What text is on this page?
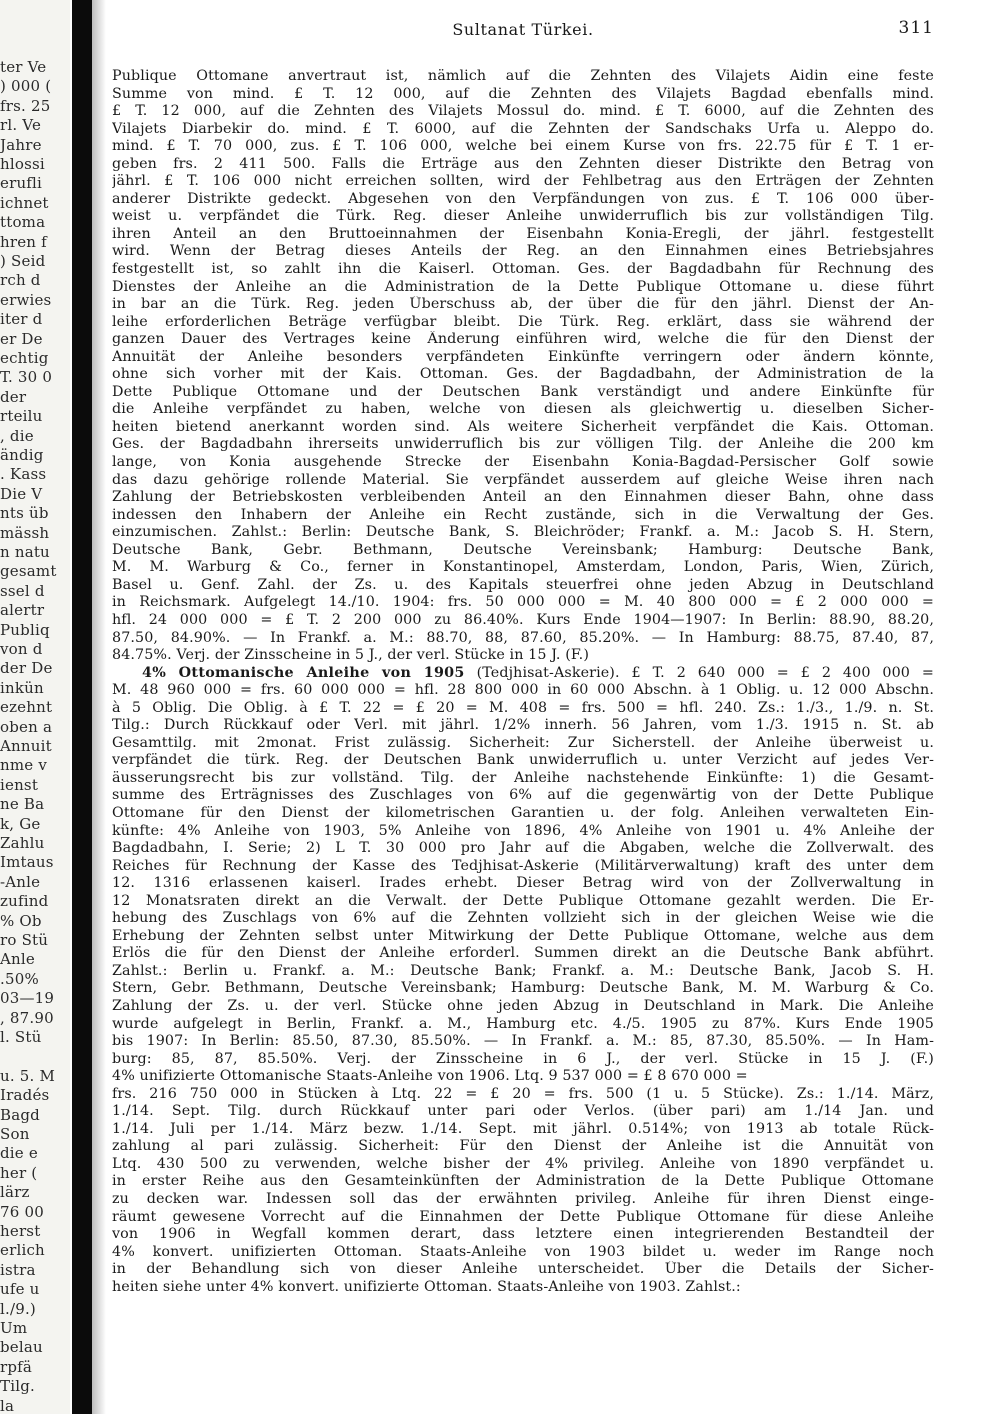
ter Ve
) 000 (
frs. 25
rl. Ve
Jahre
hlossi
erufli
ichnet
ttoma
hren f
) Seid
rch d
erwies
iter d
er De
echtig
T. 30 0
der
rteilu
, die
ändig
. Kass
Die V
nts üb
mässh
n natu
gesamt
ssel d
alertr
Publiq
von d
der De
inkün
ezehnt
oben a
Annuit
nme v
ienst
ne Ba
k, Ge
Zahlu
Imtaus
-Anle
zufind
% Ob
ro Stü
Anle
.50%
03—19
, 87.90
l. Stü
u. 5. M
Iradés
Bagd
Son
die e
her (
lärz
76 00
herst
erlich
istra
ufe u
l./9.)
Um
belau
rpfä
Tilg.
la
Sultanat Türkei.	311
Publique Ottomane anvertraut ist, nämlich auf die Zehnten des Vilajets Aidin eine feste
Summe von mind. £ T. 12 000, auf die Zehnten des Vilajets Bagdad ebenfalls mind.
£ T. 12 000, auf die Zehnten des Vilajets Mossul do. mind. £ T. 6000, auf die Zehnten des
Vilajets Diarbekir do. mind. £ T. 6000, auf die Zehnten der Sandschaks Urfa u. Aleppo do.
mind. £ T. 70 000, zus. £ T. 106 000, welche bei einem Kurse von frs. 22.75 für £ T. 1 er-
geben frs. 2 411 500. Falls die Erträge aus den Zehnten dieser Distrikte den Betrag von
jährl. £ T. 106 000 nicht erreichen sollten, wird der Fehlbetrag aus den Erträgen der Zehnten
anderer Distrikte gedeckt. Abgesehen von den Verpfändungen von zus. £ T. 106 000 über-
weist u. verpfändet die Türk. Reg. dieser Anleihe unwiderruflich bis zur vollständigen Tilg.
ihren Anteil an den Bruttoeinnahmen der Eisenbahn Konia-Eregli, der jährl. festgestellt
wird. Wenn der Betrag dieses Anteils der Reg. an den Einnahmen eines Betriebsjahres
festgestellt ist, so zahlt ihn die Kaiserl. Ottoman. Ges. der Bagdadbahn für Rechnung des
Dienstes der Anleihe an die Administration de la Dette Publique Ottomane u. diese führt
in bar an die Türk. Reg. jeden Überschuss ab, der über die für den jährl. Dienst der An-
leihe erforderlichen Beträge verfügbar bleibt. Die Türk. Reg. erklärt, dass sie während der
ganzen Dauer des Vertrages keine Änderung einführen wird, welche die für den Dienst der
Annuität der Anleihe besonders verpfändeten Einkünfte verringern oder ändern könnte,
ohne sich vorher mit der Kais. Ottoman. Ges. der Bagdadbahn, der Administration de la
Dette Publique Ottomane und der Deutschen Bank verständigt und andere Einkünfte für
die Anleihe verpfändet zu haben, welche von diesen als gleichwertig u. dieselben Sicher-
heiten bietend anerkannt worden sind. Als weitere Sicherheit verpfändet die Kais. Ottoman.
Ges. der Bagdadbahn ihrerseits unwiderruflich bis zur völligen Tilg. der Anleihe die 200 km
lange, von Konia ausgehende Strecke der Eisenbahn Konia-Bagdad-Persischer Golf sowie
das dazu gehörige rollende Material. Sie verpfändet ausserdem auf gleiche Weise ihren nach
Zahlung der Betriebskosten verbleibenden Anteil an den Einnahmen dieser Bahn, ohne dass
indessen den Inhabern der Anleihe ein Recht zustände, sich in die Verwaltung der Ges.
einzumischen. Zahlst.: Berlin: Deutsche Bank, S. Bleichröder; Frankf. a. M.: Jacob S. H. Stern,
Deutsche Bank, Gebr. Bethmann, Deutsche Vereinsbank; Hamburg: Deutsche Bank,
M. M. Warburg & Co., ferner in Konstantinopel, Amsterdam, London, Paris, Wien, Zürich,
Basel u. Genf. Zahl. der Zs. u. des Kapitals steuerfrei ohne jeden Abzug in Deutschland
in Reichsmark. Aufgelegt 14./10. 1904: frs. 50 000 000 = M. 40 800 000 = £ 2 000 000 =
hfl. 24 000 000 = £ T. 2 200 000 zu 86.40%. Kurs Ende 1904—1907: In Berlin: 88.90, 88.20,
87.50, 84.90%. — In Frankf. a. M.: 88.70, 88, 87.60, 85.20%. — In Hamburg: 88.75, 87.40, 87,
84.75%. Verj. der Zinsscheine in 5 J., der verl. Stücke in 15 J. (F.)
4% Ottomanische Anleihe von 1905 (Tedjhisat-Askerie). £ T. 2 640 000 = £ 2 400 000 =
M. 48 960 000 = frs. 60 000 000 = hfl. 28 800 000 in 60 000 Abschn. à 1 Oblig. u. 12 000 Abschn.
à 5 Oblig. Die Oblig. à £ T. 22 = £ 20 = M. 408 = frs. 500 = hfl. 240. Zs.: 1./3., 1./9. n. St.
Tilg.: Durch Rückkauf oder Verl. mit jährl. 1/2% innerh. 56 Jahren, vom 1./3. 1915 n. St. ab
Gesamttilg. mit 2monat. Frist zulässig. Sicherheit: Zur Sicherstell. der Anleihe überweist u.
verpfändet die türk. Reg. der Deutschen Bank unwiderruflich u. unter Verzicht auf jedes Ver-
äusserungsrecht bis zur vollständ. Tilg. der Anleihe nachstehende Einkünfte: 1) die Gesamt-
summe des Erträgnisses des Zuschlages von 6% auf die gegenwärtig von der Dette Publique
Ottomane für den Dienst der kilometrischen Garantien u. der folg. Anleihen verwalteten Ein-
künfte: 4% Anleihe von 1903, 5% Anleihe von 1896, 4% Anleihe von 1901 u. 4% Anleihe der
Bagdadbahn, I. Serie; 2) L T. 30 000 pro Jahr auf die Abgaben, welche die Zollverwalt. des
Reiches für Rechnung der Kasse des Tedjhisat-Askerie (Militärverwaltung) kraft des unter dem
12. 1316 erlassenen kaiserl. Irades erhebt. Dieser Betrag wird von der Zollverwaltung in
12 Monatsraten direkt an die Verwalt. der Dette Publique Ottomane gezahlt werden. Die Er-
hebung des Zuschlags von 6% auf die Zehnten vollzieht sich in der gleichen Weise wie die
Erhebung der Zehnten selbst unter Mitwirkung der Dette Publique Ottomane, welche aus dem
Erlös die für den Dienst der Anleihe erforderl. Summen direkt an die Deutsche Bank abführt.
Zahlst.: Berlin u. Frankf. a. M.: Deutsche Bank; Frankf. a. M.: Deutsche Bank, Jacob S. H.
Stern, Gebr. Bethmann, Deutsche Vereinsbank; Hamburg: Deutsche Bank, M. M. Warburg & Co.
Zahlung der Zs. u. der verl. Stücke ohne jeden Abzug in Deutschland in Mark. Die Anleihe
wurde aufgelegt in Berlin, Frankf. a. M., Hamburg etc. 4./5. 1905 zu 87%. Kurs Ende 1905
bis 1907: In Berlin: 85.50, 87.30, 85.50%. — In Frankf. a. M.: 85, 87.30, 85.50%. — In Ham-
burg: 85, 87, 85.50%. Verj. der Zinsscheine in 6 J., der verl. Stücke in 15 J. (F.)
4% unifizierte Ottomanische Staats-Anleihe von 1906. Ltq. 9 537 000 = £ 8 670 000 =
frs. 216 750 000 in Stücken à Ltq. 22 = £ 20 = frs. 500 (1 u. 5 Stücke). Zs.: 1./14. März,
1./14. Sept. Tilg. durch Rückkauf unter pari oder Verlos. (über pari) am 1./14 Jan. und
1./14. Juli per 1./14. März bezw. 1./14. Sept. mit jährl. 0.514%; von 1913 ab totale Rück-
zahlung al pari zulässig. Sicherheit: Für den Dienst der Anleihe ist die Annuität von
Ltq. 430 500 zu verwenden, welche bisher der 4% privileg. Anleihe von 1890 verpfändet u.
in erster Reihe aus den Gesamteinkünften der Administration de la Dette Publique Ottomane
zu decken war. Indessen soll das der erwähnten privileg. Anleihe für ihren Dienst einge-
räumt gewesene Vorrecht auf die Einnahmen der Dette Publique Ottomane für diese Anleihe
von 1906 in Wegfall kommen derart, dass letztere einen integrierenden Bestandteil der
4% konvert. unifizierten Ottoman. Staats-Anleihe von 1903 bildet u. weder im Range noch
in der Behandlung sich von dieser Anleihe unterscheidet. Über die Details der Sicher-
heiten siehe unter 4% konvert. unifizierte Ottoman. Staats-Anleihe von 1903. Zahlst.:
